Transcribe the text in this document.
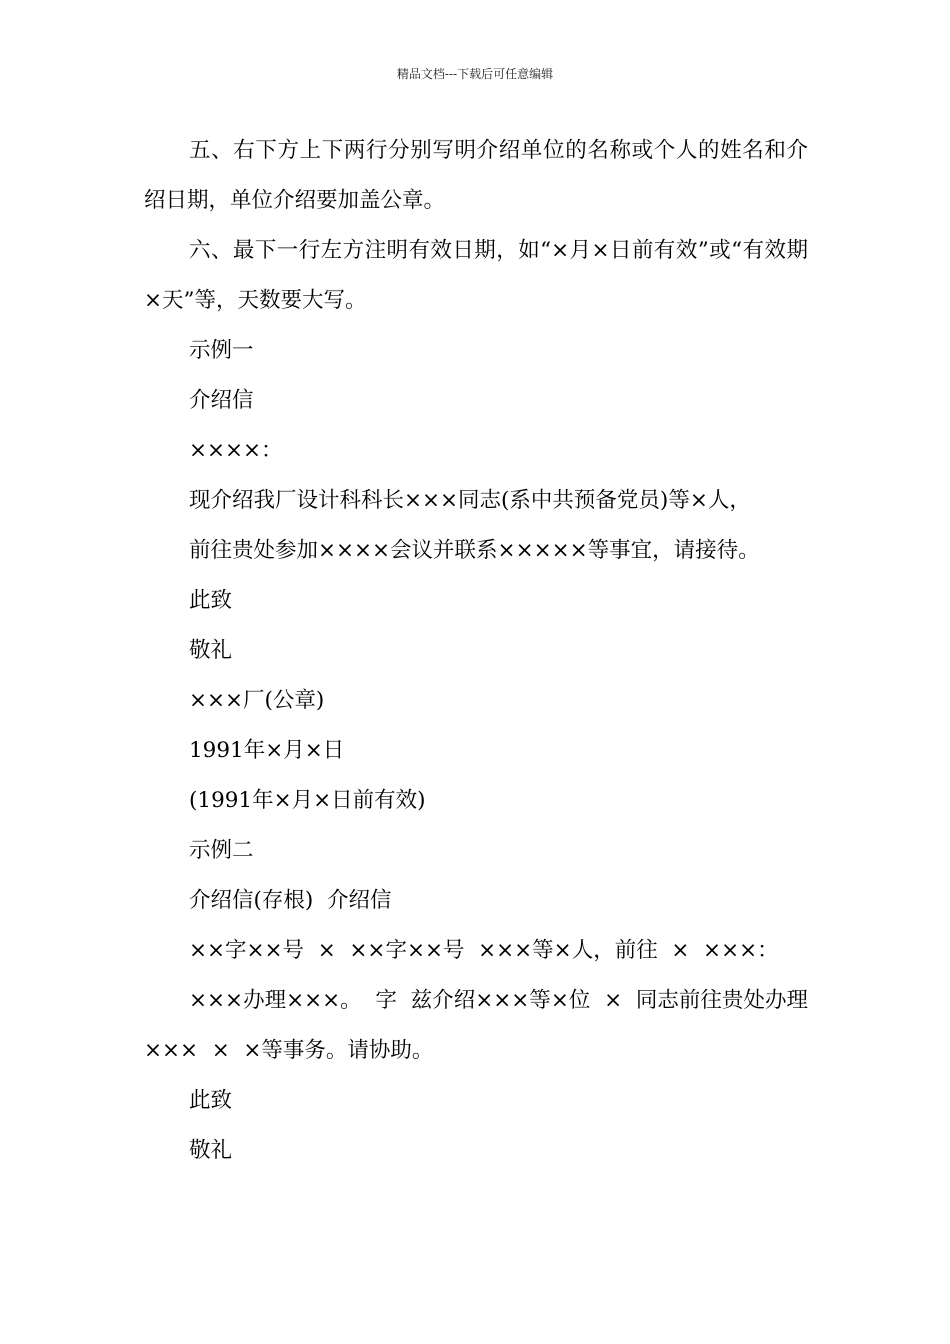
精品文档---下载后可任意编辑

五、右下方上下两行分别写明介绍单位的名称或个人的姓名和介绍日期，单位介绍要加盖公章。

六、最下一行左方注明有效日期，如“×月×日前有效”或“有效期×天”等，天数要大写。

示例一

介绍信

××××：

现介绍我厂设计科科长×××同志(系中共预备党员)等×人，

前往贵处参加××××会议并联系×××××等事宜，请接待。

此致

敬礼

×××厂(公章)

1991年×月×日

(1991年×月×日前有效)

示例二

介绍信(存根)  介绍信

××字××号  ×  ××字××号  ×××等×人，前往  ×  ×××：

×××办理×××。  字  兹介绍×××等×位  ×  同志前往贵处办理×××  ×  ×等事务。请协助。

此致

敬礼
